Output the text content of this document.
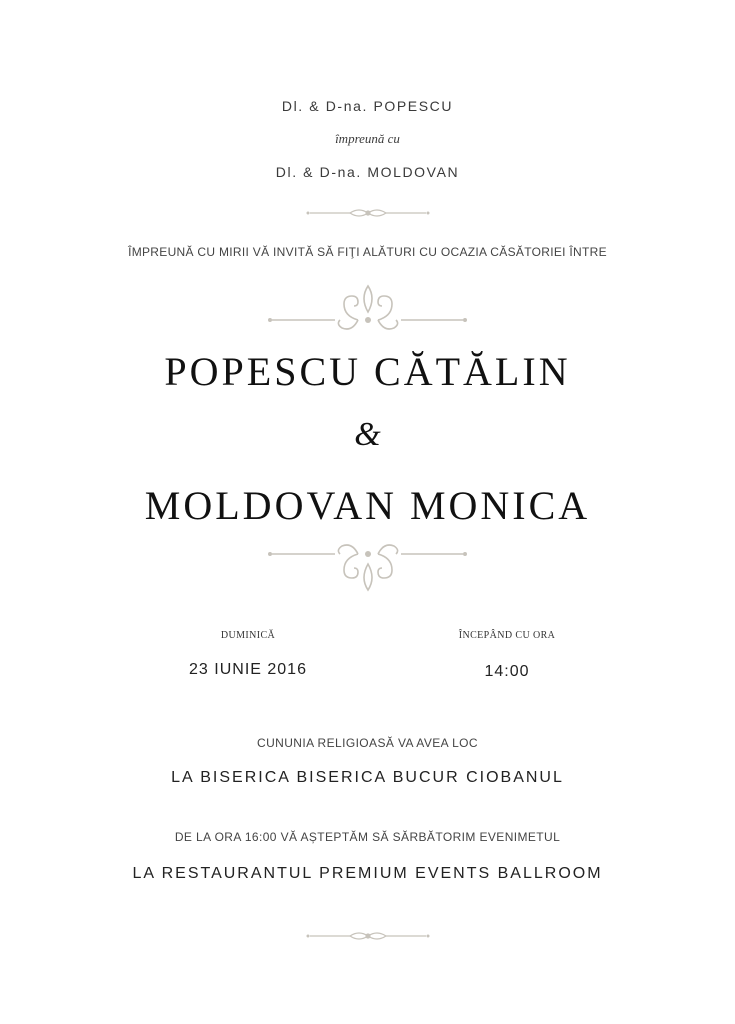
Dl. & D-na. POPESCU
împreună cu
Dl. & D-na. MOLDOVAN
ÎMPREUNĂ CU MIRII VĂ INVITĂ SĂ FIŢI ALĂTURI CU OCAZIA CĂSĂTORIEI ÎNTRE
POPESCU CĂTĂLIN
&
MOLDOVAN MONICA
DUMINICĂ
23 IUNIE 2016
ÎNCEPÂND CU ORA
14:00
CUNUNIA RELIGIOASĂ VA AVEA LOC
LA BISERICA BISERICA BUCUR CIOBANUL
DE LA ORA 16:00 VĂ AȘTEPTĂM SĂ SĂRBĂTORIM EVENIMETUL
LA RESTAURANTUL PREMIUM EVENTS BALLROOM
